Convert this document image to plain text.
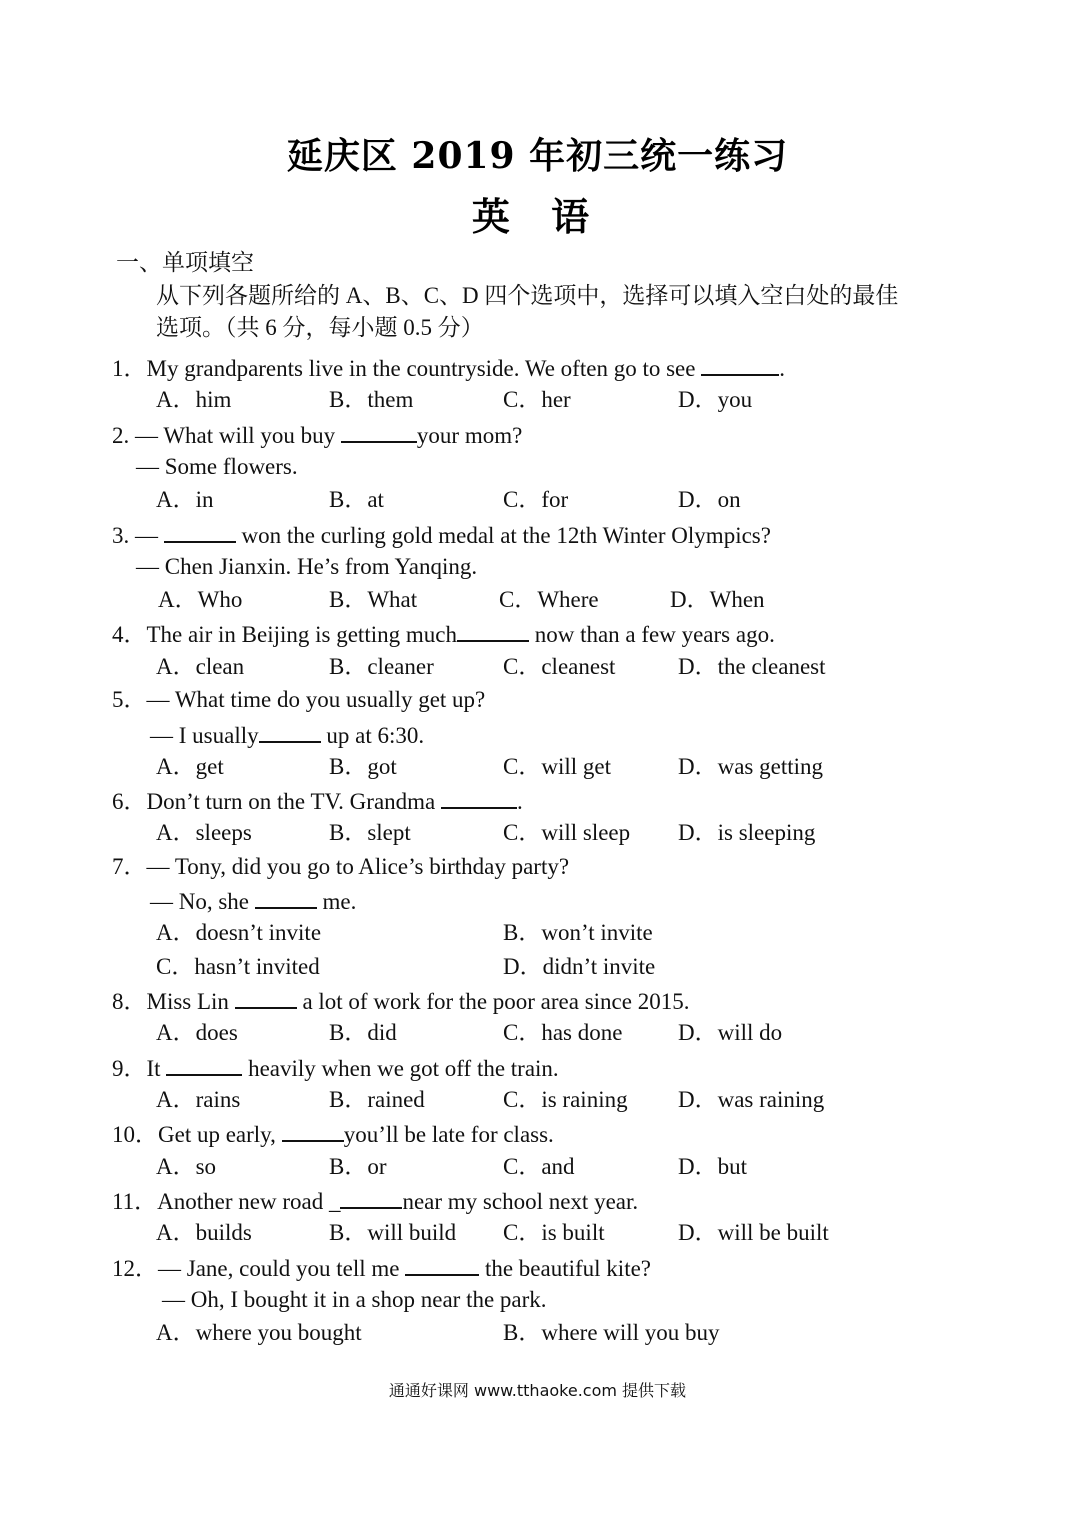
延庆区 2019 年初三统一练习
英 语
一、单项填空
从下列各题所给的 A、B、C、D 四个选项中，选择可以填入空白处的最佳
选项。（共 6 分，每小题 0.5 分）
1．My grandparents live in the countryside. We often go to see	.
A．him	B．them	C．her	D．you
2. — What will you buy	your mom?
— Some flowers.
A．in	B．at	C．for	D．on
3. —	won the curling gold medal at the 12th Winter Olympics?
— Chen Jianxin. He’s from Yanqing.
A．Who	B．What	C．Where	D．When
4．The air in Beijing is getting much	now than a few years ago.
A．clean	B．cleaner	C．cleanest	D．the cleanest
5．— What time do you usually get up?
— I usually	up at 6:30.
A．get	B．got	C．will get	D．was getting
6．Don’t turn on the TV. Grandma	.
A．sleeps	B．slept	C．will sleep D．is sleeping
7．— Tony, did you go to Alice’s birthday party?
— No, she	me.
A．doesn’t invite	B．won’t invite
C．hasn’t invited	D．didn’t invite
8．Miss Lin	a lot of work for the poor area since 2015.
A．does	B．did	C．has done D．will do
9．It	heavily when we got off the train.
A．rains	B．rained	C．is raining D．was raining
10．Get up early,	you’ll be late for class.
A．so	B．or	C．and	D．but
11．Another new road _	near my school next year.
A．builds	B．will build C．is built	D．will be built
12．— Jane, could you tell me	the beautiful kite?
— Oh, I bought it in a shop near the park.
A．where you bought	B．where will you buy
通通好课网 www.tthaoke.com 提供下载
